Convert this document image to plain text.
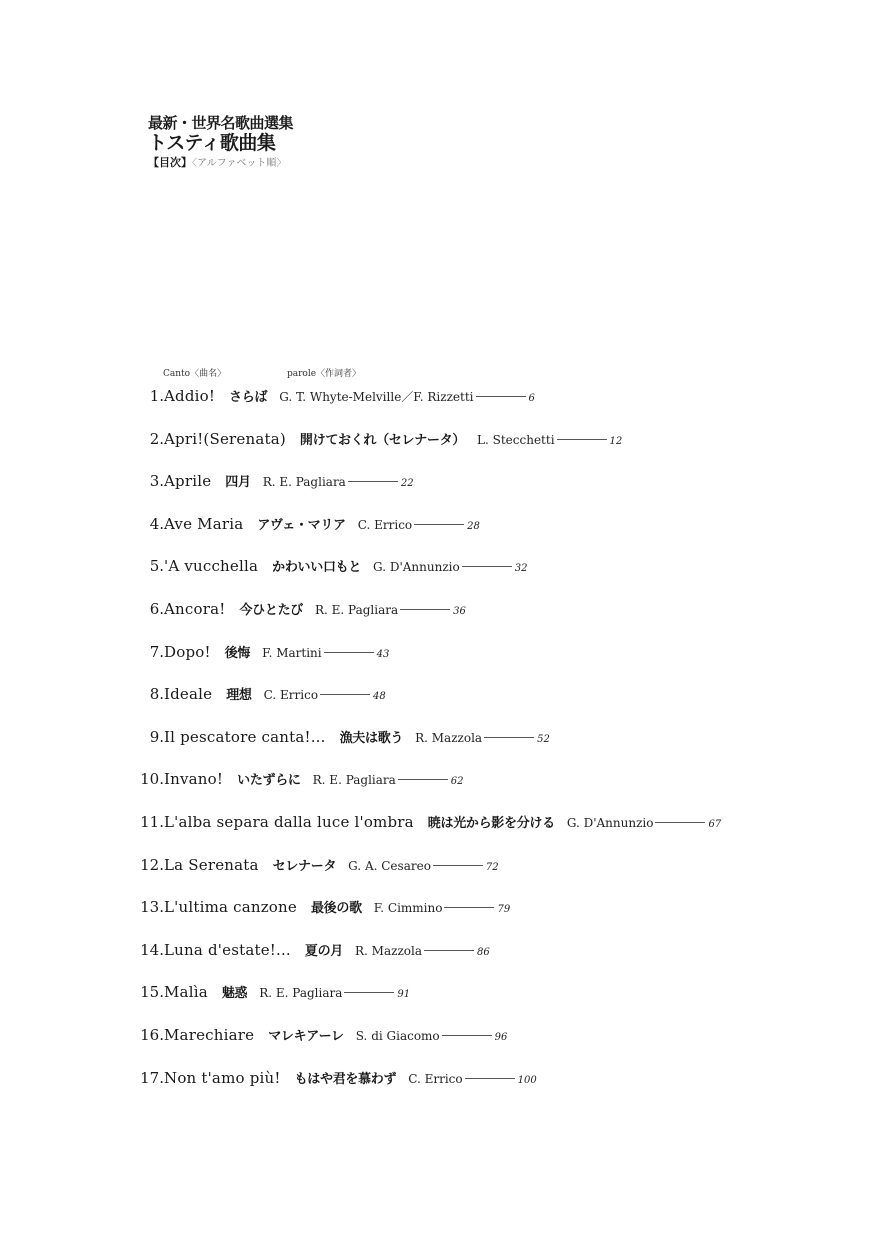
最新・世界名歌曲選集
トスティ歌曲集
【目次】〈アルファベット順〉
Canto〈曲名〉	parole〈作詞者〉
1. Addio! さらば G. T. Whyte-Melville／F. Rizzetti	6
2. Apri!(Serenata) 開けておくれ（セレナータ） L. Stecchetti	12
3. Aprile 四月 R. E. Pagliara	22
4. Ave Maria アヴェ・マリア C. Errico	28
5. 'A vucchella かわいい口もと G. D'Annunzio	32
6. Ancora! 今ひとたび R. E. Pagliara	36
7. Dopo! 後悔 F. Martini	43
8. Ideale 理想 C. Errico	48
9. Il pescatore canta!... 漁夫は歌う R. Mazzola	52
10. Invano! いたずらに R. E. Pagliara	62
11. L'alba separa dalla luce l'ombra 暁は光から影を分ける G. D'Annunzio	67
12. La Serenata セレナータ G. A. Cesareo	72
13. L'ultima canzone 最後の歌 F. Cimmino	79
14. Luna d'estate!... 夏の月 R. Mazzola	86
15. Malìa 魅惑 R. E. Pagliara	91
16. Marechiare マレキアーレ S. di Giacomo	96
17. Non t'amo più! もはや君を慕わず C. Errico	100
